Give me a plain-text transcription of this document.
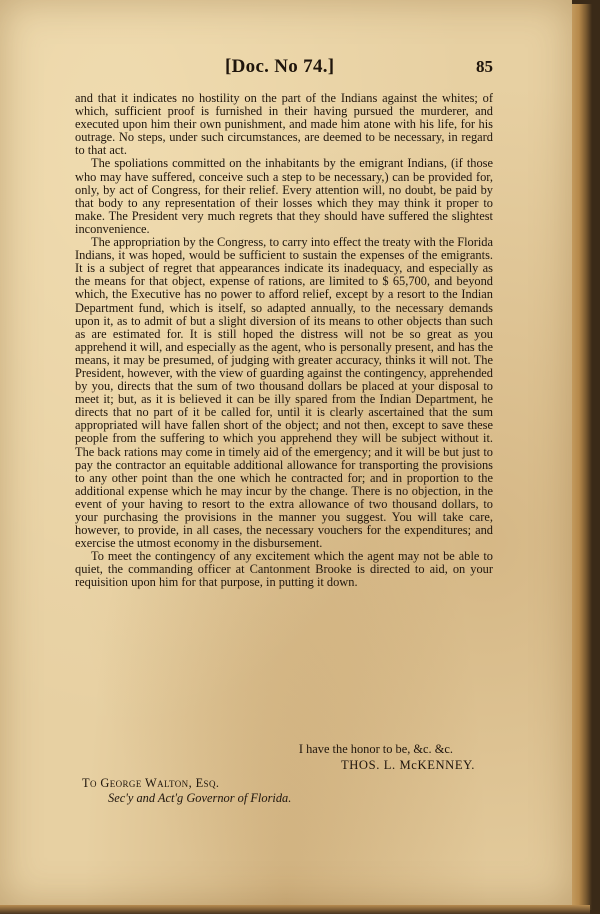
[Doc. No 74.]	85

and that it indicates no hostility on the part of the Indians against the whites; of which, sufficient proof is furnished in their having pursued the murderer, and executed upon him their own punishment, and made him atone with his life, for his outrage. No steps, under such circumstances, are deemed to be necessary, in regard to that act.

The spoliations committed on the inhabitants by the emigrant Indians, (if those who may have suffered, conceive such a step to be necessary,) can be provided for, only, by act of Congress, for their relief. Every attention will, no doubt, be paid by that body to any representation of their losses which they may think it proper to make. The President very much regrets that they should have suffered the slightest inconvenience.

The appropriation by the Congress, to carry into effect the treaty with the Florida Indians, it was hoped, would be sufficient to sustain the expenses of the emigrants. It is a subject of regret that appearances indicate its inadequacy, and especially as the means for that object, expense of rations, are limited to $ 65,700, and beyond which, the Executive has no power to afford relief, except by a resort to the Indian Department fund, which is itself, so adapted annually, to the necessary demands upon it, as to admit of but a slight diversion of its means to other objects than such as are estimated for. It is still hoped the distress will not be so great as you apprehend it will, and especially as the agent, who is personally present, and has the means, it may be presumed, of judging with greater accuracy, thinks it will not. The President, however, with the view of guarding against the contingency, apprehended by you, directs that the sum of two thousand dollars be placed at your disposal to meet it; but, as it is believed it can be illy spared from the Indian Department, he directs that no part of it be called for, until it is clearly ascertained that the sum appropriated will have fallen short of the object; and not then, except to save these people from the suffering to which you apprehend they will be subject without it. The back rations may come in timely aid of the emergency; and it will be but just to pay the contractor an equitable additional allowance for transporting the provisions to any other point than the one which he contracted for; and in proportion to the additional expense which he may incur by the change. There is no objection, in the event of your having to resort to the extra allowance of two thousand dollars, to your purchasing the provisions in the manner you suggest. You will take care, however, to provide, in all cases, the necessary vouchers for the expenditures; and exercise the utmost economy in the disbursement.

To meet the contingency of any excitement which the agent may not be able to quiet, the commanding officer at Cantonment Brooke is directed to aid, on your requisition upon him for that purpose, in putting it down.

I have the honor to be, &c. &c.
THOS. L. McKENNEY.
To George Walton, Esq.
Sec'y and Act'g Governor of Florida.
